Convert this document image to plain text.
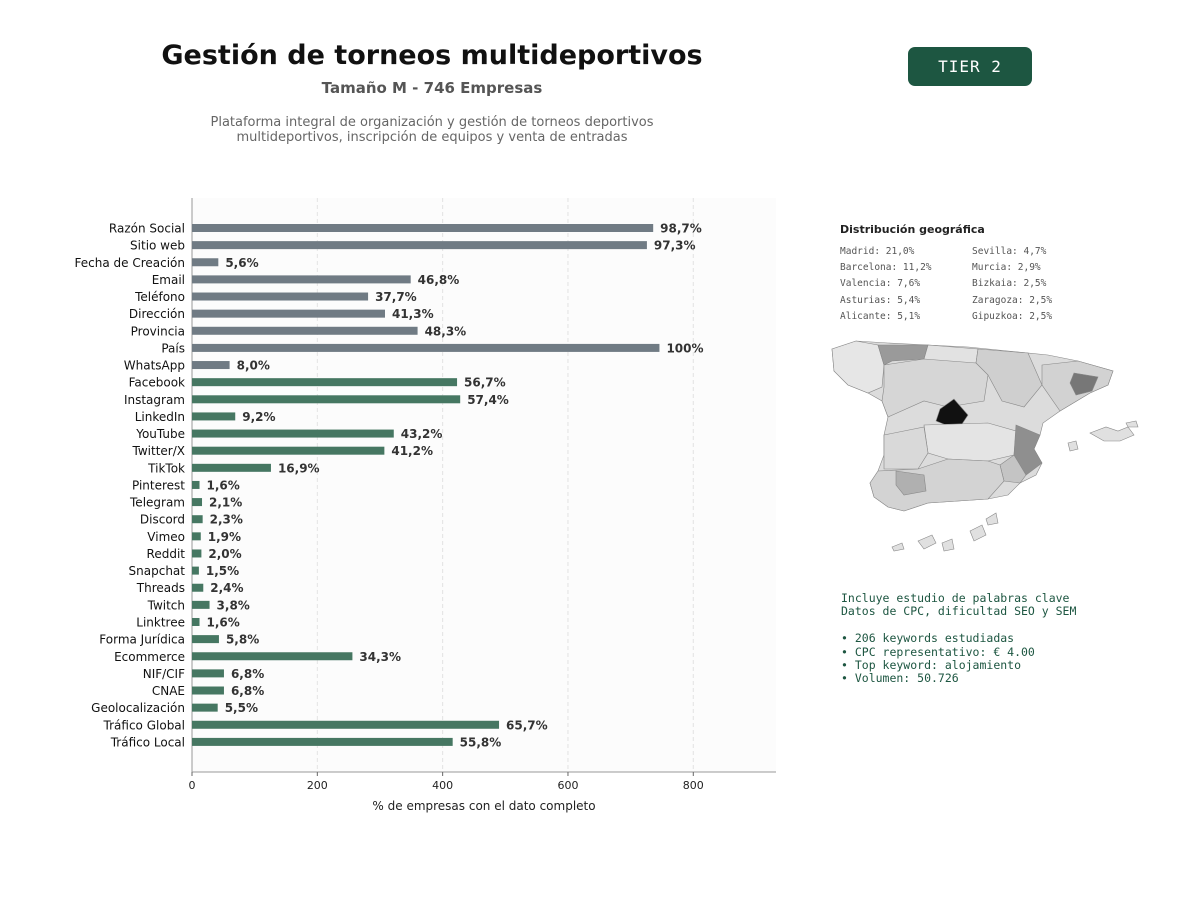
Gestión de torneos multideportivos
Tamaño M - 746 Empresas
Plataforma integral de organización y gestión de torneos deportivos
multideportivos, inscripción de equipos y venta de entradas
TIER 2
0	200	400	600	800
% de empresas con el dato completo
Razón Social	98,7%
Sitio web	97,3%
Fecha de Creación	5,6%
Email	46,8%
Teléfono	37,7%
Dirección	41,3%
Provincia	48,3%
País	100%
WhatsApp	8,0%
Facebook	56,7%
Instagram	57,4%
LinkedIn	9,2%
YouTube	43,2%
Twitter/X	41,2%
TikTok	16,9%
Pinterest 1,6%
Telegram 2,1%
Discord 2,3%
Vimeo 1,9%
Reddit 2,0%
Snapchat 1,5%
Threads 2,4%
Twitch	3,8%
Linktree 1,6%
Forma Jurídica	5,8%
Ecommerce	34,3%
NIF/CIF	6,8%
CNAE	6,8%
Geolocalización	5,5%
Tráfico Global	65,7%
Tráfico Local	55,8%
Distribución geográfica
Madrid: 21,0%
Barcelona: 11,2%
Valencia: 7,6%
Asturias: 5,4%
Alicante: 5,1%
Sevilla: 4,7%
Murcia: 2,9%
Bizkaia: 2,5%
Zaragoza: 2,5%
Gipuzkoa: 2,5%
Incluye estudio de palabras clave
Datos de CPC, dificultad SEO y SEM
• 206 keywords estudiadas
• CPC representativo: € 4.00
• Top keyword: alojamiento
• Volumen: 50.726
